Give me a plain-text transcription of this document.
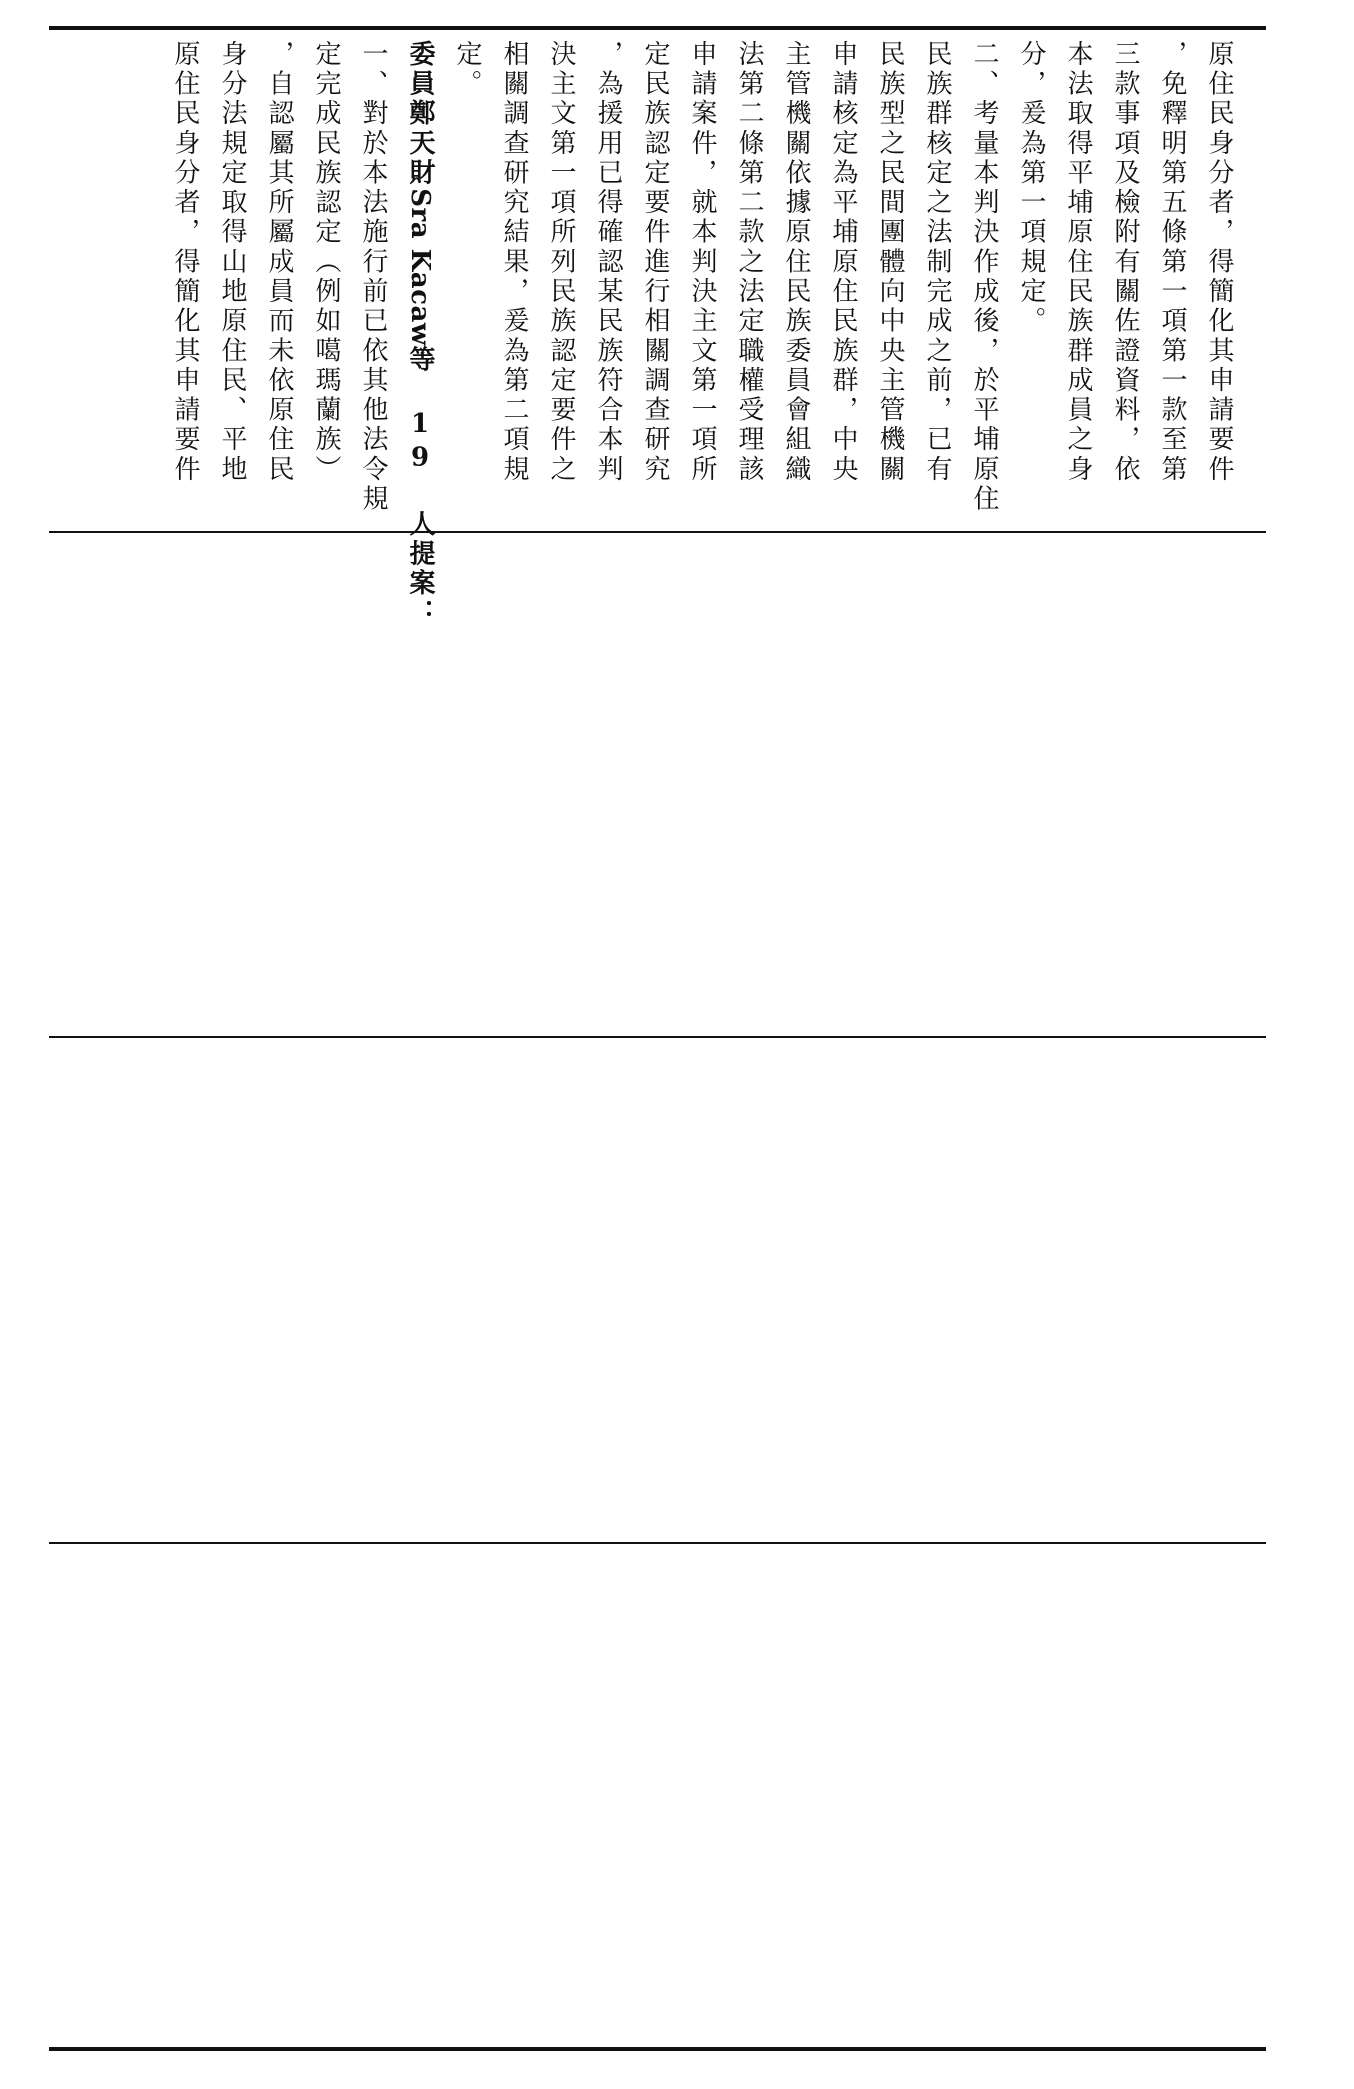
原住民身分者，得簡化其申請要件
，免釋明第五條第一項第一款至第
三款事項及檢附有關佐證資料，依
本法取得平埔原住民族群成員之身
分，爰為第一項規定。
二、考量本判決作成後，於平埔原住
民族群核定之法制完成之前，已有
民族型之民間團體向中央主管機關
申請核定為平埔原住民族群，中央
主管機關依據原住民族委員會組織
法第二條第二款之法定職權受理該
申請案件，就本判決主文第一項所
定民族認定要件進行相關調查研究
，為援用已得確認某民族符合本判
決主文第一項所列民族認定要件之
相關調查研究結果，爰為第二項規
定。
委員鄭天財Sra Kacaw等 19 人提案：
一、對於本法施行前已依其他法令規
定完成民族認定（例如噶瑪蘭族）
，自認屬其所屬成員而未依原住民
身分法規定取得山地原住民、平地
原住民身分者，得簡化其申請要件
